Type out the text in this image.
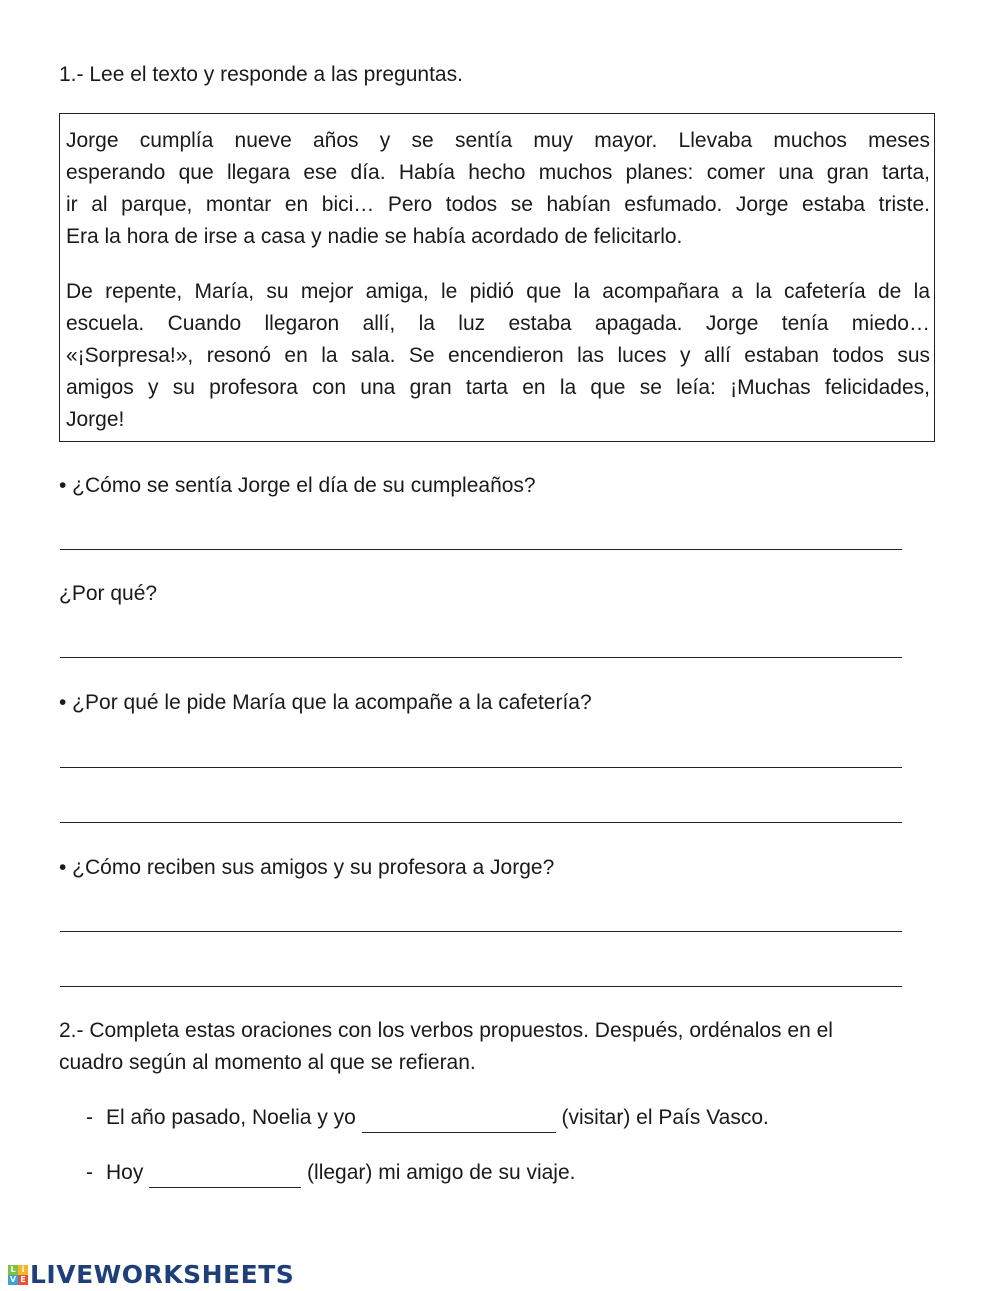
1.- Lee el texto y responde a las preguntas.
Jorge cumplía nueve años y se sentía muy mayor. Llevaba muchos meses
esperando que llegara ese día. Había hecho muchos planes: comer una gran tarta,
ir al parque, montar en bici… Pero todos se habían esfumado. Jorge estaba triste.
Era la hora de irse a casa y nadie se había acordado de felicitarlo.
De repente, María, su mejor amiga, le pidió que la acompañara a la cafetería de la
escuela. Cuando llegaron allí, la luz estaba apagada. Jorge tenía miedo…
«¡Sorpresa!», resonó en la sala. Se encendieron las luces y allí estaban todos sus
amigos y su profesora con una gran tarta en la que se leía: ¡Muchas felicidades,
Jorge!
• ¿Cómo se sentía Jorge el día de su cumpleaños?
¿Por qué?
• ¿Por qué le pide María que la acompañe a la cafetería?
• ¿Cómo reciben sus amigos y su profesora a Jorge?
2.- Completa estas oraciones con los verbos propuestos. Después, ordénalos en el
cuadro según al momento al que se refieran.
- El año pasado, Noelia y yo	(visitar) el País Vasco.
- Hoy	(llegar) mi amigo de su viaje.
L i
V E LIVEWORKSHEETS
